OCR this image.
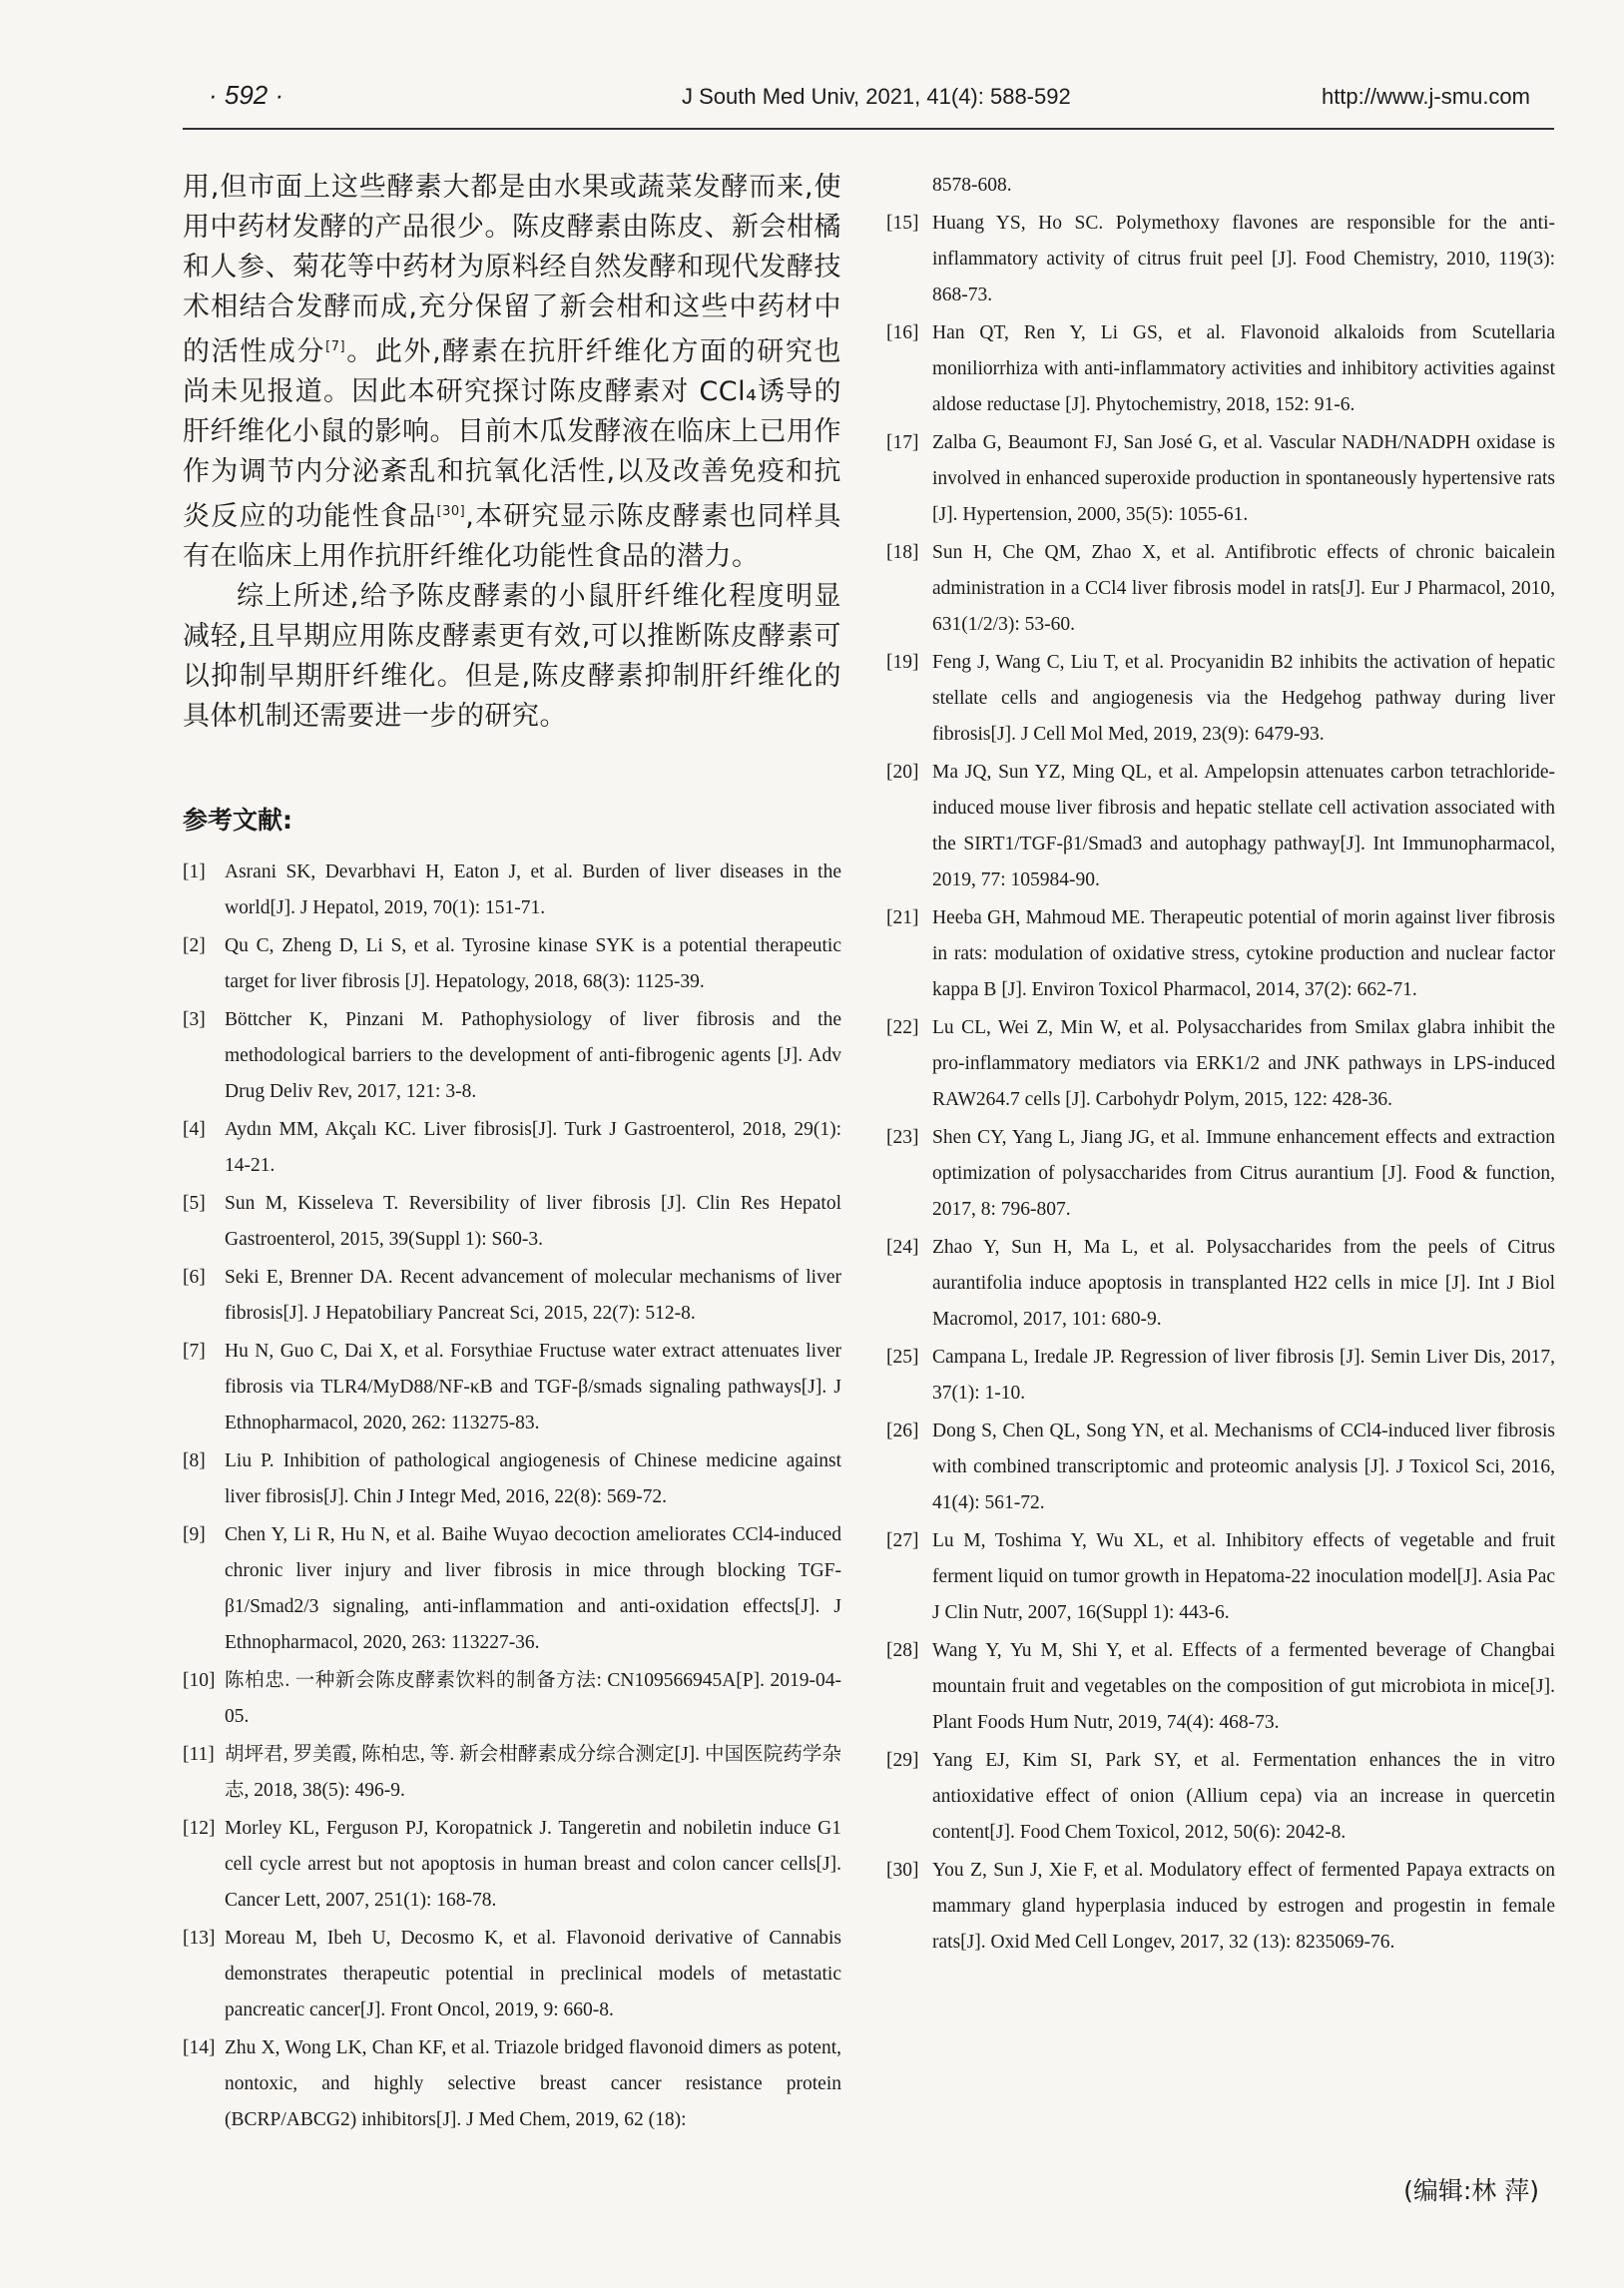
· 592 ·	J South Med Univ, 2021, 41(4): 588-592	http://www.j-smu.com

用,但市面上这些酵素大都是由水果或蔬菜发酵而来,使用中药材发酵的产品很少。陈皮酵素由陈皮、新会柑橘和人参、菊花等中药材为原料经自然发酵和现代发酵技术相结合发酵而成,充分保留了新会柑和这些中药材中的活性成分[7]。此外,酵素在抗肝纤维化方面的研究也尚未见报道。因此本研究探讨陈皮酵素对 CCl₄诱导的肝纤维化小鼠的影响。目前木瓜发酵液在临床上已用作作为调节内分泌紊乱和抗氧化活性,以及改善免疫和抗炎反应的功能性食品[30],本研究显示陈皮酵素也同样具有在临床上用作抗肝纤维化功能性食品的潜力。

综上所述,给予陈皮酵素的小鼠肝纤维化程度明显减轻,且早期应用陈皮酵素更有效,可以推断陈皮酵素可以抑制早期肝纤维化。但是,陈皮酵素抑制肝纤维化的具体机制还需要进一步的研究。

参考文献:
[1] Asrani SK, Devarbhavi H, Eaton J, et al. Burden of liver diseases in the world[J]. J Hepatol, 2019, 70(1): 151-71.
[2] Qu C, Zheng D, Li S, et al. Tyrosine kinase SYK is a potential therapeutic target for liver fibrosis [J]. Hepatology, 2018, 68(3): 1125-39.
[3] Böttcher K, Pinzani M. Pathophysiology of liver fibrosis and the methodological barriers to the development of anti-fibrogenic agents [J]. Adv Drug Deliv Rev, 2017, 121: 3-8.
[4] Aydın MM, Akçalı KC. Liver fibrosis[J]. Turk J Gastroenterol, 2018, 29(1): 14-21.
[5] Sun M, Kisseleva T. Reversibility of liver fibrosis [J]. Clin Res Hepatol Gastroenterol, 2015, 39(Suppl 1): S60-3.
[6] Seki E, Brenner DA. Recent advancement of molecular mechanisms of liver fibrosis[J]. J Hepatobiliary Pancreat Sci, 2015, 22(7): 512-8.
[7] Hu N, Guo C, Dai X, et al. Forsythiae Fructuse water extract attenuates liver fibrosis via TLR4/MyD88/NF-κB and TGF-β/smads signaling pathways[J]. J Ethnopharmacol, 2020, 262: 113275-83.
[8] Liu P. Inhibition of pathological angiogenesis of Chinese medicine against liver fibrosis[J]. Chin J Integr Med, 2016, 22(8): 569-72.
[9] Chen Y, Li R, Hu N, et al. Baihe Wuyao decoction ameliorates CCl4-induced chronic liver injury and liver fibrosis in mice through blocking TGF-β1/Smad2/3 signaling, anti-inflammation and anti-oxidation effects[J]. J Ethnopharmacol, 2020, 263: 113227-36.
[10] 陈柏忠. 一种新会陈皮酵素饮料的制备方法: CN109566945A[P]. 2019-04-05.
[11] 胡坪君, 罗美霞, 陈柏忠, 等. 新会柑酵素成分综合测定[J]. 中国医院药学杂志, 2018, 38(5): 496-9.
[12] Morley KL, Ferguson PJ, Koropatnick J. Tangeretin and nobiletin induce G1 cell cycle arrest but not apoptosis in human breast and colon cancer cells[J]. Cancer Lett, 2007, 251(1): 168-78.
[13] Moreau M, Ibeh U, Decosmo K, et al. Flavonoid derivative of Cannabis demonstrates therapeutic potential in preclinical models of metastatic pancreatic cancer[J]. Front Oncol, 2019, 9: 660-8.
[14] Zhu X, Wong LK, Chan KF, et al. Triazole bridged flavonoid dimers as potent, nontoxic, and highly selective breast cancer resistance protein (BCRP/ABCG2) inhibitors[J]. J Med Chem, 2019, 62 (18):
8578-608.
[15] Huang YS, Ho SC. Polymethoxy flavones are responsible for the anti-inflammatory activity of citrus fruit peel [J]. Food Chemistry, 2010, 119(3): 868-73.
[16] Han QT, Ren Y, Li GS, et al. Flavonoid alkaloids from Scutellaria moniliorrhiza with anti-inflammatory activities and inhibitory activities against aldose reductase [J]. Phytochemistry, 2018, 152: 91-6.
[17] Zalba G, Beaumont FJ, San José G, et al. Vascular NADH/NADPH oxidase is involved in enhanced superoxide production in spontaneously hypertensive rats [J]. Hypertension, 2000, 35(5): 1055-61.
[18] Sun H, Che QM, Zhao X, et al. Antifibrotic effects of chronic baicalein administration in a CCl4 liver fibrosis model in rats[J]. Eur J Pharmacol, 2010, 631(1/2/3): 53-60.
[19] Feng J, Wang C, Liu T, et al. Procyanidin B2 inhibits the activation of hepatic stellate cells and angiogenesis via the Hedgehog pathway during liver fibrosis[J]. J Cell Mol Med, 2019, 23(9): 6479-93.
[20] Ma JQ, Sun YZ, Ming QL, et al. Ampelopsin attenuates carbon tetrachloride-induced mouse liver fibrosis and hepatic stellate cell activation associated with the SIRT1/TGF-β1/Smad3 and autophagy pathway[J]. Int Immunopharmacol, 2019, 77: 105984-90.
[21] Heeba GH, Mahmoud ME. Therapeutic potential of morin against liver fibrosis in rats: modulation of oxidative stress, cytokine production and nuclear factor kappa B [J]. Environ Toxicol Pharmacol, 2014, 37(2): 662-71.
[22] Lu CL, Wei Z, Min W, et al. Polysaccharides from Smilax glabra inhibit the pro-inflammatory mediators via ERK1/2 and JNK pathways in LPS-induced RAW264.7 cells [J]. Carbohydr Polym, 2015, 122: 428-36.
[23] Shen CY, Yang L, Jiang JG, et al. Immune enhancement effects and extraction optimization of polysaccharides from Citrus aurantium [J]. Food & function, 2017, 8: 796-807.
[24] Zhao Y, Sun H, Ma L, et al. Polysaccharides from the peels of Citrus aurantifolia induce apoptosis in transplanted H22 cells in mice [J]. Int J Biol Macromol, 2017, 101: 680-9.
[25] Campana L, Iredale JP. Regression of liver fibrosis [J]. Semin Liver Dis, 2017, 37(1): 1-10.
[26] Dong S, Chen QL, Song YN, et al. Mechanisms of CCl4-induced liver fibrosis with combined transcriptomic and proteomic analysis [J]. J Toxicol Sci, 2016, 41(4): 561-72.
[27] Lu M, Toshima Y, Wu XL, et al. Inhibitory effects of vegetable and fruit ferment liquid on tumor growth in Hepatoma-22 inoculation model[J]. Asia Pac J Clin Nutr, 2007, 16(Suppl 1): 443-6.
[28] Wang Y, Yu M, Shi Y, et al. Effects of a fermented beverage of Changbai mountain fruit and vegetables on the composition of gut microbiota in mice[J]. Plant Foods Hum Nutr, 2019, 74(4): 468-73.
[29] Yang EJ, Kim SI, Park SY, et al. Fermentation enhances the in vitro antioxidative effect of onion (Allium cepa) via an increase in quercetin content[J]. Food Chem Toxicol, 2012, 50(6): 2042-8.
[30] You Z, Sun J, Xie F, et al. Modulatory effect of fermented Papaya extracts on mammary gland hyperplasia induced by estrogen and progestin in female rats[J]. Oxid Med Cell Longev, 2017, 32 (13): 8235069-76.
(编辑:林 萍)
